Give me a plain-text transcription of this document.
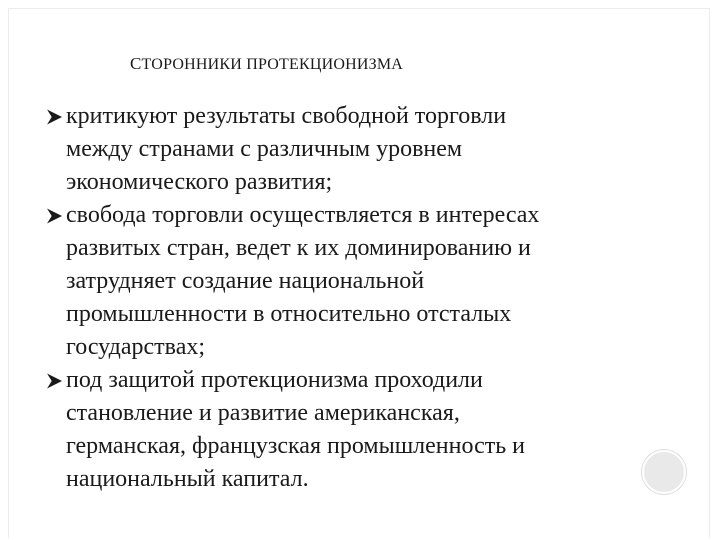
СТОРОННИКИ ПРОТЕКЦИОНИЗМА
критикуют результаты свободной торговли
между странами с различным уровнем
экономического развития;
свобода торговли осуществляется в интересах
развитых стран, ведет к их доминированию и
затрудняет создание национальной
промышленности в относительно отсталых
государствах;
под защитой протекционизма проходили
становление и развитие американская,
германская, французская промышленность и
национальный капитал.
